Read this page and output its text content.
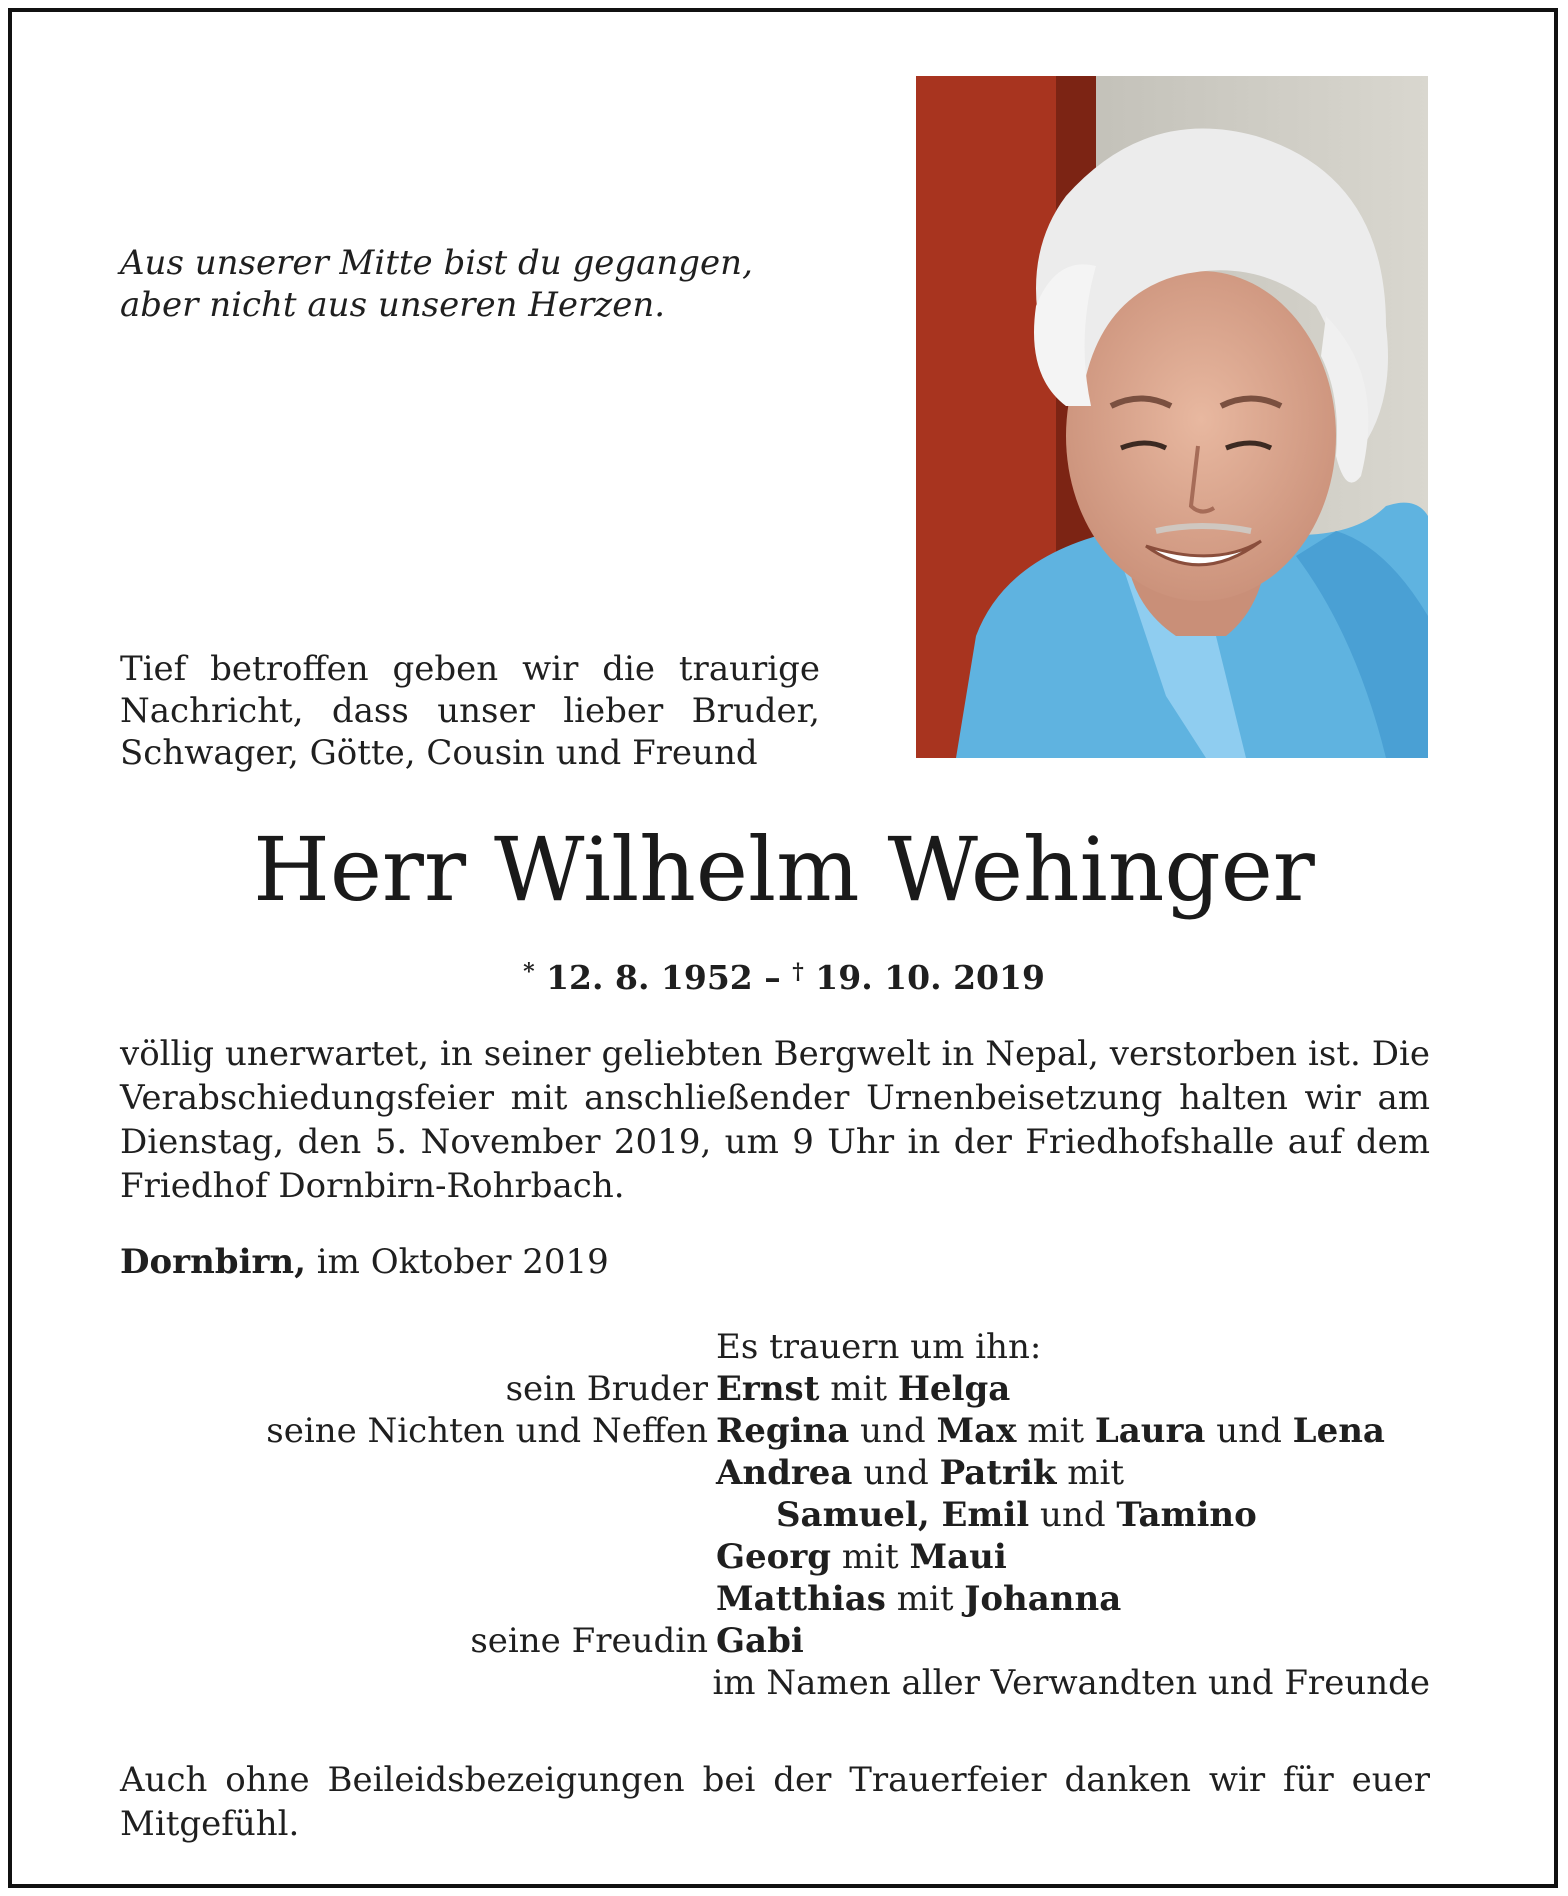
Aus unserer Mitte bist du gegangen,
aber nicht aus unseren Herzen.
Tief betroffen geben wir die traurige
Nachricht, dass unser lieber Bruder,
Schwager, Götte, Cousin und Freund
Herr Wilhelm Wehinger
* 12. 8. 1952 – † 19. 10. 2019
völlig unerwartet, in seiner geliebten Bergwelt in Nepal, verstorben ist. Die
Verabschiedungsfeier mit anschließender Urnenbeisetzung halten wir am
Dienstag, den 5. November 2019, um 9 Uhr in der Friedhofshalle auf dem
Friedhof Dornbirn-Rohrbach.
Dornbirn, im Oktober 2019
Es trauern um ihn:
sein Bruder Ernst mit Helga
seine Nichten und Neffen Regina und Max mit Laura und Lena
Andrea und Patrik mit
Samuel, Emil und Tamino
Georg mit Maui
Matthias mit Johanna
seine Freudin Gabi
im Namen aller Verwandten und Freunde
Auch ohne Beileidsbezeigungen bei der Trauerfeier danken wir für euer
Mitgefühl.
